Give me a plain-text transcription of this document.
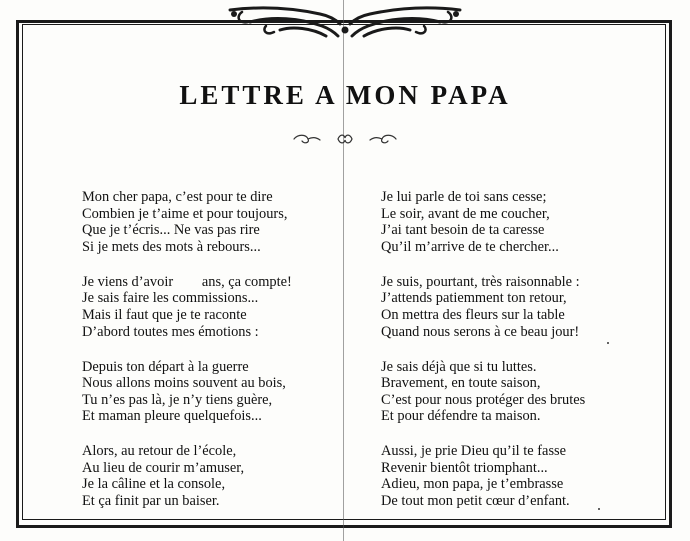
LETTRE A MON PAPA
Mon cher papa, c’est pour te dire
Combien je t’aime et pour toujours,
Que je t’écris... Ne vas pas rire
Si je mets des mots à rebours...
Je viens d’avoir        ans, ça compte!
Je sais faire les commissions...
Mais il faut que je te raconte
D’abord toutes mes émotions :
Depuis ton départ à la guerre
Nous allons moins souvent au bois,
Tu n’es pas là, je n’y tiens guère,
Et maman pleure quelquefois...
Alors, au retour de l’école,
Au lieu de courir m’amuser,
Je la câline et la console,
Et ça finit par un baiser.
Je lui parle de toi sans cesse;
Le soir, avant de me coucher,
J’ai tant besoin de ta caresse
Qu’il m’arrive de te chercher...
Je suis, pourtant, très raisonnable :
J’attends patiemment ton retour,
On mettra des fleurs sur la table
Quand nous serons à ce beau jour!
Je sais déjà que si tu luttes.
Bravement, en toute saison,
C’est pour nous protéger des brutes
Et pour défendre ta maison.
Aussi, je prie Dieu qu’il te fasse
Revenir bientôt triomphant...
Adieu, mon papa, je t’embrasse
De tout mon petit cœur d’enfant.
